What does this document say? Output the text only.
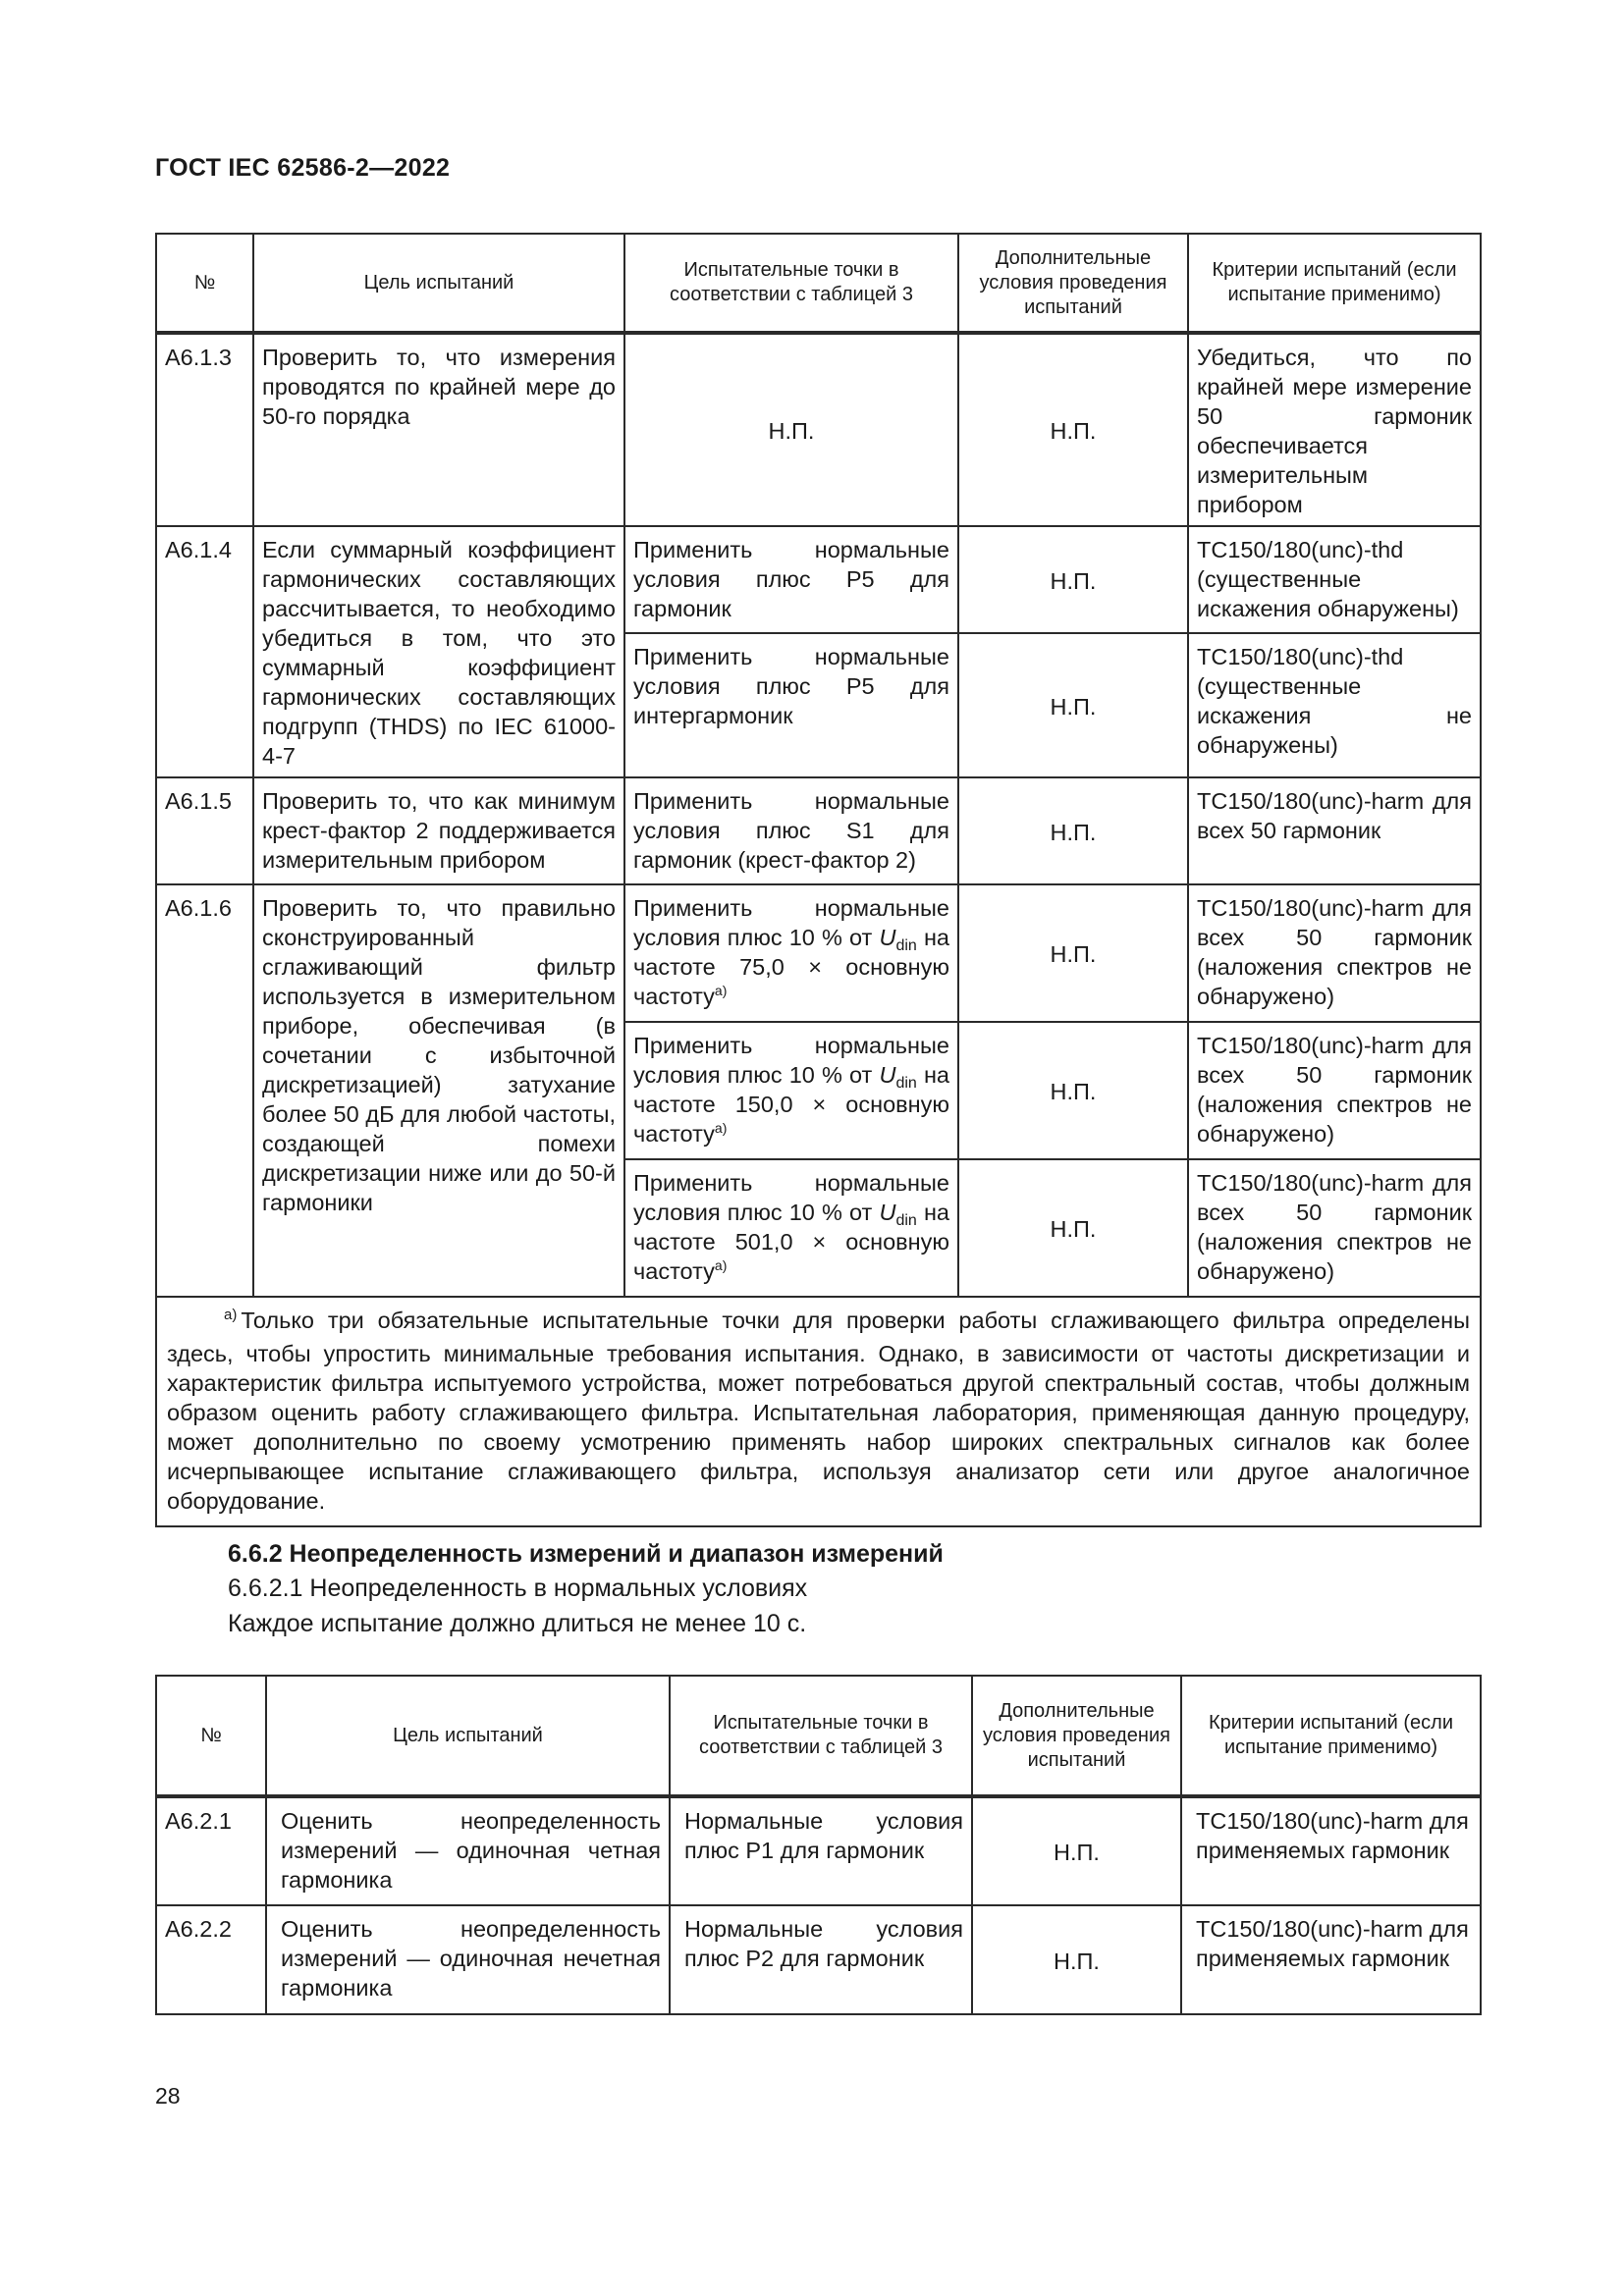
ГОСТ IEC 62586-2—2022
№	Цель испытаний	Испытательные точки в соответствии с таблицей 3	Дополнительные условия проведения испытаний	Критерии испытаний (если испытание применимо)
А6.1.3	Проверить то, что измерения проводятся по крайней мере до 50-го порядка	Н.П.	Н.П.	Убедиться, что по крайней мере измерение 50 гармоник обеспечивается измерительным прибором
А6.1.4	Если суммарный коэффициент гармонических составляющих рассчитывается, то необходимо убедиться в том, что это суммарный коэффициент гармонических составляющих подгрупп (THDS) по IEC 61000-4-7	Применить нормальные условия плюс P5 для гармоник	Н.П.	TC150/180(unc)-thd (существенные искажения обнаружены)
		Применить нормальные условия плюс P5 для интергармоник	Н.П.	TC150/180(unc)-thd (существенные искажения не обнаружены)
А6.1.5	Проверить то, что как минимум крест-фактор 2 поддерживается измерительным прибором	Применить нормальные условия плюс S1 для гармоник (крест-фактор 2)	Н.П.	TC150/180(unc)-harm для всех 50 гармоник
А6.1.6	Проверить то, что правильно сконструированный сглаживающий фильтр используется в измерительном приборе, обеспечивая (в сочетании с избыточной дискретизацией) затухание более 50 дБ для любой частоты, создающей помехи дискретизации ниже или до 50-й гармоники	Применить нормальные условия плюс 10 % от $U_{din}$ на частоте 75,0 × основную частоту$^{а)}$	Н.П.	TC150/180(unc)-harm для всех 50 гармоник (наложения спектров не обнаружено)
		Применить нормальные условия плюс 10 % от $U_{din}$ на частоте 150,0 × основную частоту$^{а)}$	Н.П.	TC150/180(unc)-harm для всех 50 гармоник (наложения спектров не обнаружено)
		Применить нормальные условия плюс 10 % от $U_{din}$ на частоте 501,0 × основную частоту$^{а)}$	Н.П.	TC150/180(unc)-harm для всех 50 гармоник (наложения спектров не обнаружено)
$^{а)}$ Только три обязательные испытательные точки для проверки работы сглаживающего фильтра определены здесь, чтобы упростить минимальные требования испытания. Однако, в зависимости от частоты дискретизации и характеристик фильтра испытуемого устройства, может потребоваться другой спектральный состав, чтобы должным образом оценить работу сглаживающего фильтра. Испытательная лаборатория, применяющая данную процедуру, может дополнительно по своему усмотрению применять набор широких спектральных сигналов как более исчерпывающее испытание сглаживающего фильтра, используя анализатор сети или другое аналогичное оборудование.				
6.6.2 Неопределенность измерений и диапазон измерений
6.6.2.1 Неопределенность в нормальных условиях
Каждое испытание должно длиться не менее 10 с.
№	Цель испытаний	Испытательные точки в соответствии с таблицей 3	Дополнительные условия проведения испытаний	Критерии испытаний (если испытание применимо)
А6.2.1	Оценить неопределенность измерений — одиночная четная гармоника	Нормальные условия плюс P1 для гармоник	Н.П.	TC150/180(unc)-harm для применяемых гармоник
А6.2.2	Оценить неопределенность измерений — одиночная нечетная гармоника	Нормальные условия плюс P2 для гармоник	Н.П.	TC150/180(unc)-harm для применяемых гармоник
28
